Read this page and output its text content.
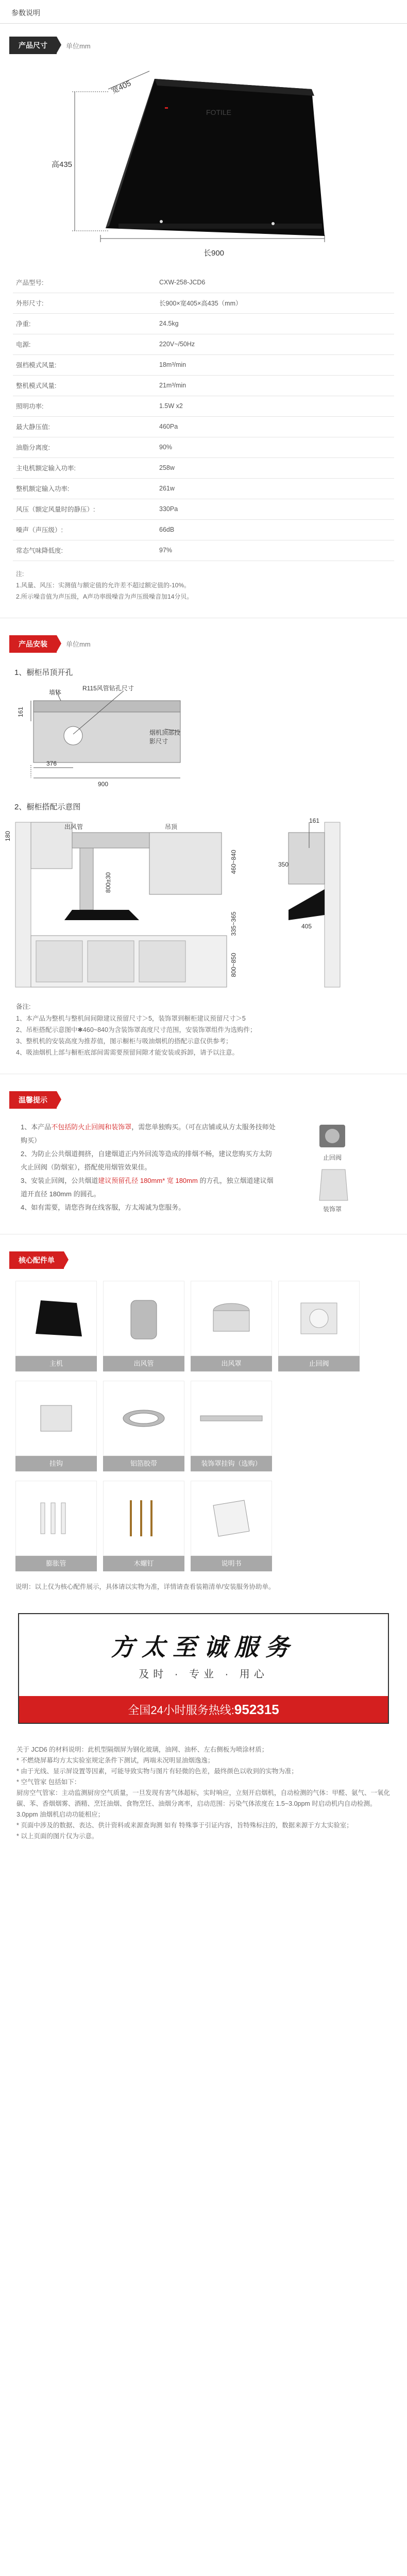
参数说明
产品尺寸	单位mm
FOTILE
宽405
高435
长900
产品型号:	CXW-258-JCD6
外形尺寸:	长900×宽405×高435（mm）
净重:	24.5kg
电源:	220V~/50Hz
强档模式风量:	18m³/min
整机模式风量:	21m³/min
照明功率:	1.5W x2
最大静压值:	460Pa
油脂分离度:	90%
主电机额定输入功率:	258w
整机额定输入功率:	261w
风压（额定风量时的静压）:	330Pa
噪声（声压级）:	66dB
常态气味降低度:	97%
注:
1.风量、风压：实测值与额定值的允许差不超过额定值的-10%。
2.所示噪音值为声压级，A声功率级噪音为声压级噪音加14分贝。
产品安装	单位mm
1、橱柜吊顶开孔
墙体
R115风管钻孔尺寸
烟机顶部投影尺寸
161
376
900
2、橱柜搭配示意图
180
出风管	吊顶
460~840
800±30
335~365
800~850
350
161
405
备注:
1、本产品为整机与整机间间隙建议预留尺寸＞5，装饰罩到橱柜建议预留尺寸＞5
2、吊柜搭配示意图中✱460~840为含装饰罩高度尺寸范围，安装饰罩组件为选购件；
3、整机机的安装高度为推荐值，图示橱柜与吸油烟机的搭配示意仅供参考；
4、吸油烟机上部与橱柜底部间需需要预留间隙才能安装或拆卸，请予以注意。
温馨提示

1、本产品不包括防火止回阀和装饰罩，需您单独购买。（可在店铺或从方太服务技师处购买）

2、为防止公共烟道拥挤，自建烟道正内外回流等造成的排烟不畅，建议您购买方太防火止回阀（防烟室），搭配使用烟管效果佳。

3、安装止回阀，公共烟道建议预留孔径 180mm* 宽 180mm 的方孔，独立烟道建议烟道开直径 180mm 的圆孔。

4、如有需要，请您咨询在线客服，方太竭诚为您服务。

止回阀
装饰罩
核心配件单
主机	出风管	出风罩	止回阀
挂钩	铝箔胶带	装饰罩挂钩（选购）
膨胀管	木螺钉	说明书
说明：以上仅为核心配件展示，具体请以实物为准，详情请查看装箱清单/安装服务协助单。
方太至诚服务
及时 · 专业 · 用心
全国24小时服务热线:952315
关于 JCD6 的材料说明：此机型隔烟屏为钢化玻璃，油网、油杯、左右侧板为喷涂材质；
* 不燃烧屏幕均方太实验室规定条件下测试，两端未况明显油烟逸逸；
* 由于光线、显示屏设置等因素，可能导致实物与图片有轻微的色差，最终颜色以收到的实物为准；
* 空气管家 包括如下：
厨房空气管家：主动监测厨房空气质量，一旦发现有害气体超标，实时响应，立刻开启烟机，自动检测的气体：甲醛、氨气、一氧化碳、苯、香烟烟雾、酒精、烹饪油烟、食物烹饪、油烟分离率，启动范围：污染气体浓度在 1.5~3.0ppm 时启动机内自动检测。3.0ppm 油烟机启动功能相应；
* 页面中涉及的数据、表达、供计资料或来源查询测 如有 特殊事于引证内容，旨特殊标注的，数据来源于方太实验室；
* 以上页面的图片仅为示意。
